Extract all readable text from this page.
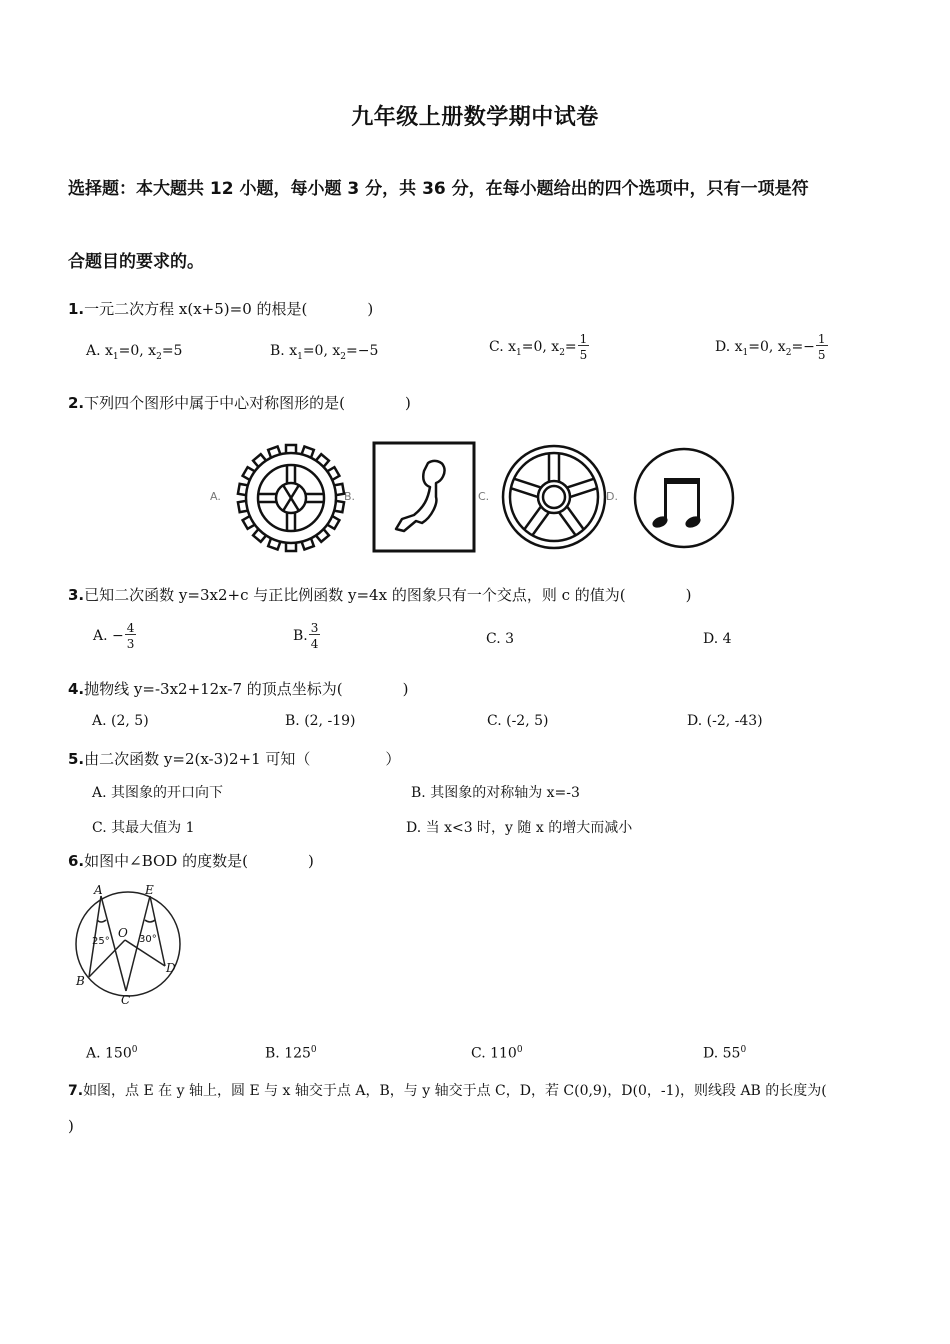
九年级上册数学期中试卷
选择题：本大题共 12 小题，每小题 3 分，共 36 分，在每小题给出的四个选项中，只有一项是符
合题目的要求的。
1.一元二次方程 x(x+5)=0 的根是(　　　　)
A. $x_1=0$, $x_2=5$	B. $x_1=0$, $x_2=-5$	C. $x_1=0$, $x_2= \frac{1}{5}$	D. $x_1=0$, $x_2=- \frac{1}{5}$
2.下列四个图形中属于中心对称图形的是(　　　　)
A.	B.	C.	D.
3.已知二次函数 y=3x2+c 与正比例函数 y=4x 的图象只有一个交点，则 c 的值为(　　　　)
A. − $\frac{4}{3}$	B. $\frac{3}{4}$	C. 3	D. 4
4.抛物线 y=-3x2+12x-7 的顶点坐标为(　　　　)
A. (2, 5)	B. (2, -19)	C. (-2, 5)	D. (-2, -43)
5.由二次函数 y=2(x-3)2+1 可知（　　　　　）
A. 其图象的开口向下	B. 其图象的对称轴为 x=-3
C. 其最大值为 1	D. 当 x<3 时，y 随 x 的增大而减小
6.如图中∠BOD 的度数是(　　　　)
A	E
O
B
C
D
25°	30°
A. $150^0$	B. $125^0$	C. $110^0$	D. $55^0$
7.如图，点 E 在 y 轴上，圆 E 与 x 轴交于点 A，B，与 y 轴交于点 C，D，若 C(0,9)，D(0，-1)，则线段 AB 的长度为(
)
